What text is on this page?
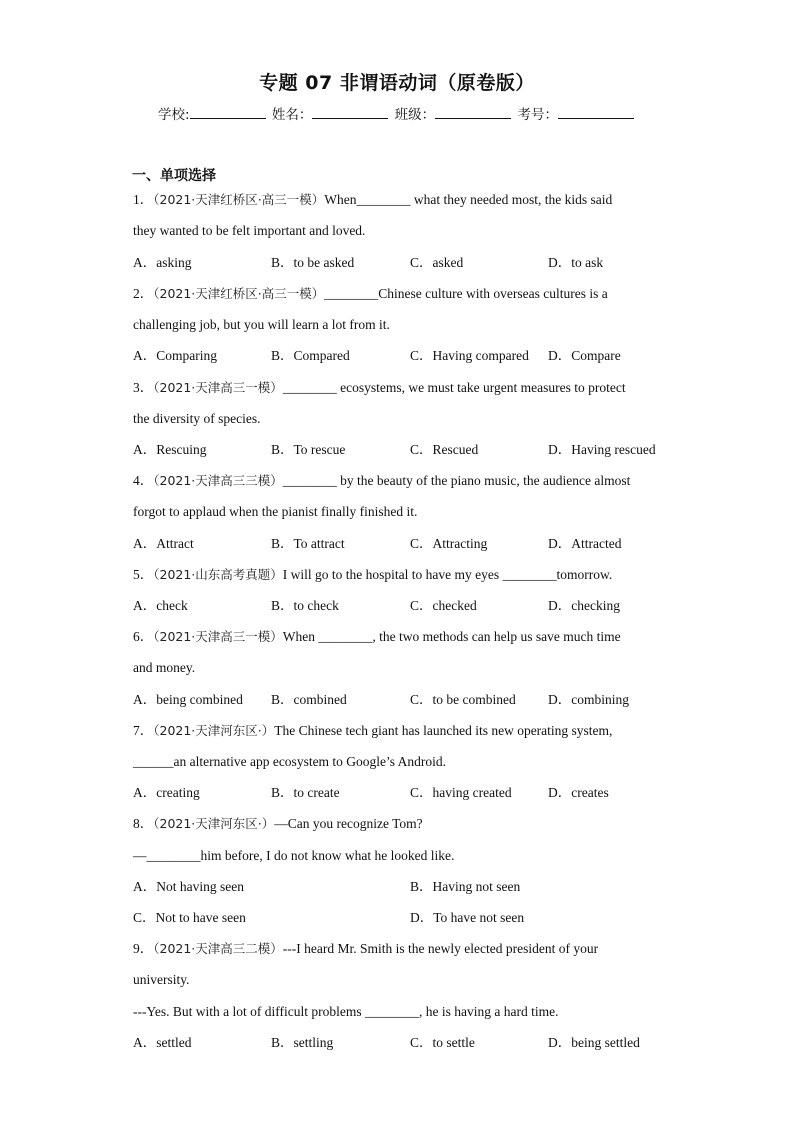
专题 07 非谓语动词（原卷版）
学校:	姓名：	班级：	考号：
一、单项选择
1．（2021·天津红桥区·高三一模）When________ what they needed most, the kids said
they wanted to be felt important and loved.
A．asking	B．to be asked	C．asked	D．to ask
2．（2021·天津红桥区·高三一模）________Chinese culture with overseas cultures is a
challenging job, but you will learn a lot from it.
A．Comparing	B．Compared	C．Having compared D．Compare
3．（2021·天津高三一模）________ ecosystems, we must take urgent measures to protect
the diversity of species.
A．Rescuing	B．To rescue	C．Rescued	D．Having rescued
4．（2021·天津高三三模）________ by the beauty of the piano music, the audience almost
forgot to applaud when the pianist finally finished it.
A．Attract	B．To attract	C．Attracting	D．Attracted
5．（2021·山东高考真题）I will go to the hospital to have my eyes ________tomorrow.
A．check	B．to check	C．checked	D．checking
6．（2021·天津高三一模）When ________, the two methods can help us save much time
and money.
A．being combined B．combined	C．to be combined D．combining
7．（2021·天津河东区·）The Chinese tech giant has launched its new operating system,
______an alternative app ecosystem to Google’s Android.
A．creating	B．to create	C．having created	D．creates
8．（2021·天津河东区·）—Can you recognize Tom?
—________him before, I do not know what he looked like.
A．Not having seen	B．Having not seen
C．Not to have seen	D．To have not seen
9．（2021·天津高三二模）---I heard Mr. Smith is the newly elected president of your
university.
---Yes. But with a lot of difficult problems ________, he is having a hard time.
A．settled	B．settling	C．to settle	D．being settled
